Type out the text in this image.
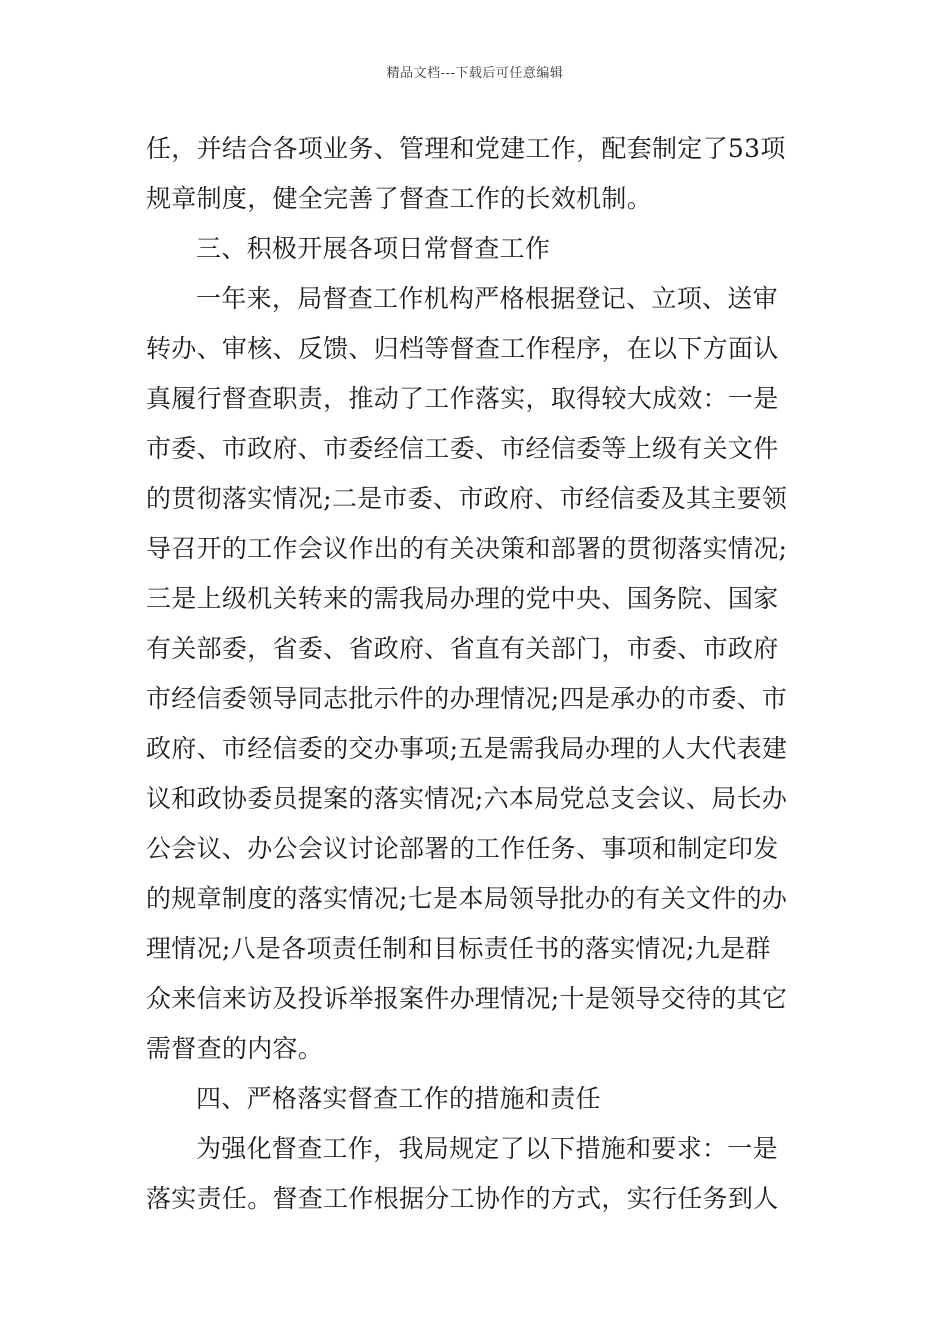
精品文档---下载后可任意编辑
任，并结合各项业务、管理和党建工作，配套制定了53项
规章制度，健全完善了督查工作的长效机制。
三、积极开展各项日常督查工作
一年来，局督查工作机构严格根据登记、立项、送审
转办、审核、反馈、归档等督查工作程序，在以下方面认
真履行督查职责，推动了工作落实，取得较大成效：一是
市委、市政府、市委经信工委、市经信委等上级有关文件
的贯彻落实情况;二是市委、市政府、市经信委及其主要领
导召开的工作会议作出的有关决策和部署的贯彻落实情况;
三是上级机关转来的需我局办理的党中央、国务院、国家
有关部委，省委、省政府、省直有关部门，市委、市政府
市经信委领导同志批示件的办理情况;四是承办的市委、市
政府、市经信委的交办事项;五是需我局办理的人大代表建
议和政协委员提案的落实情况;六本局党总支会议、局长办
公会议、办公会议讨论部署的工作任务、事项和制定印发
的规章制度的落实情况;七是本局领导批办的有关文件的办
理情况;八是各项责任制和目标责任书的落实情况;九是群
众来信来访及投诉举报案件办理情况;十是领导交待的其它
需督查的内容。
四、严格落实督查工作的措施和责任
为强化督查工作，我局规定了以下措施和要求：一是
落实责任。督查工作根据分工协作的方式，实行任务到人
